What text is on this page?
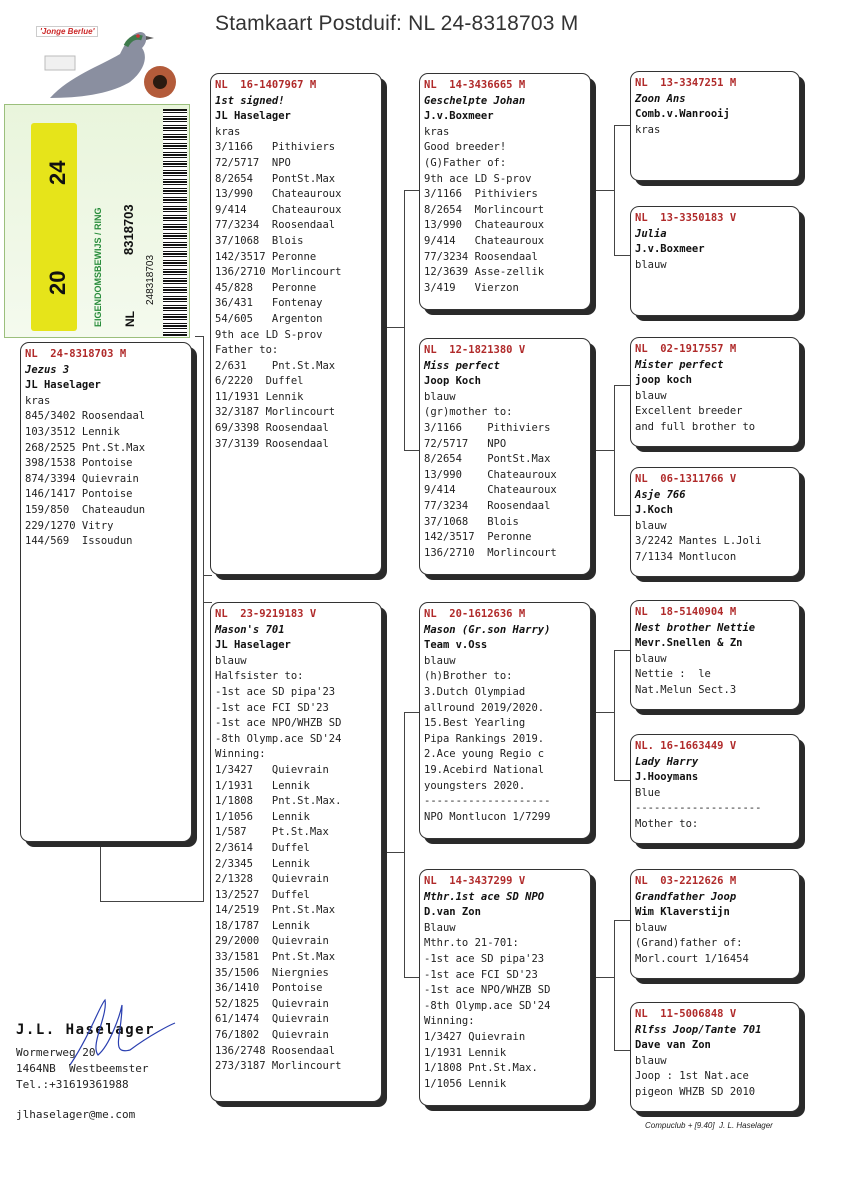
Stamkaart Postduif: NL 24-8318703 M
'Jonge Berlue'
20
24
8318703
NL
EIGENDOMSBEWIJS / RING	248318703
NL  24-8318703 M
Jezus 3
JL Haselager
kras
845/3402 Roosendaal
103/3512 Lennik
268/2525 Pnt.St.Max
398/1538 Pontoise
874/3394 Quievrain
146/1417 Pontoise
159/850  Chateaudun
229/1270 Vitry
144/569  Issoudun
NL  16-1407967 M
1st signed!
JL Haselager
kras
3/1166   Pithiviers
72/5717  NPO
8/2654   PontSt.Max
13/990   Chateauroux
9/414    Chateauroux
77/3234  Roosendaal
37/1068  Blois
142/3517 Peronne
136/2710 Morlincourt
45/828   Peronne
36/431   Fontenay
54/605   Argenton
9th ace LD S-prov
Father to:
2/631    Pnt.St.Max
6/2220  Duffel
11/1931 Lennik
32/3187 Morlincourt
69/3398 Roosendaal
37/3139 Roosendaal
NL  23-9219183 V
Mason's 701
JL Haselager
blauw
Halfsister to:
-1st ace SD pipa'23
-1st ace FCI SD'23
-1st ace NPO/WHZB SD
-8th Olymp.ace SD'24
Winning:
1/3427   Quievrain
1/1931   Lennik
1/1808   Pnt.St.Max.
1/1056   Lennik
1/587    Pt.St.Max
2/3614   Duffel
2/3345   Lennik
2/1328   Quievrain
13/2527  Duffel
14/2519  Pnt.St.Max
18/1787  Lennik
29/2000  Quievrain
33/1581  Pnt.St.Max
35/1506  Niergnies
36/1410  Pontoise
52/1825  Quievrain
61/1474  Quievrain
76/1802  Quievrain
136/2748 Roosendaal
273/3187 Morlincourt
NL  14-3436665 M
Geschelpte Johan
J.v.Boxmeer
kras
Good breeder!
(G)Father of:
9th ace LD S-prov
3/1166  Pithiviers
8/2654  Morlincourt
13/990  Chateauroux
9/414   Chateauroux
77/3234 Roosendaal
12/3639 Asse-zellik
3/419   Vierzon
NL  12-1821380 V
Miss perfect
Joop Koch
blauw
(gr)mother to:
3/1166    Pithiviers
72/5717   NPO
8/2654    PontSt.Max
13/990    Chateauroux
9/414     Chateauroux
77/3234   Roosendaal
37/1068   Blois
142/3517  Peronne
136/2710  Morlincourt
NL  20-1612636 M
Mason (Gr.son Harry)
Team v.Oss
blauw
(h)Brother to:
3.Dutch Olympiad
allround 2019/2020.
15.Best Yearling
Pipa Rankings 2019.
2.Ace young Regio c
19.Acebird National
youngsters 2020.
--------------------
NPO Montlucon 1/7299
NL  14-3437299 V
Mthr.1st ace SD NPO
D.van Zon
Blauw
Mthr.to 21-701:
-1st ace SD pipa'23
-1st ace FCI SD'23
-1st ace NPO/WHZB SD
-8th Olymp.ace SD'24
Winning:
1/3427 Quievrain
1/1931 Lennik
1/1808 Pnt.St.Max.
1/1056 Lennik
NL  13-3347251 M
Zoon Ans
Comb.v.Wanrooij
kras
NL  13-3350183 V
Julia
J.v.Boxmeer
blauw
NL  02-1917557 M
Mister perfect
joop koch
blauw
Excellent breeder
and full brother to
NL  06-1311766 V
Asje 766
J.Koch
blauw
3/2242 Mantes L.Joli
7/1134 Montlucon
NL  18-5140904 M
Nest brother Nettie
Mevr.Snellen & Zn
blauw
Nettie :  le
Nat.Melun Sect.3
NL. 16-1663449 V
Lady Harry
J.Hooymans
Blue
--------------------
Mother to:
NL  03-2212626 M
Grandfather Joop
Wim Klaverstijn
blauw
(Grand)father of:
Morl.court 1/16454
NL  11-5006848 V
Rlfss Joop/Tante 701
Dave van Zon
blauw
Joop : 1st Nat.ace
pigeon WHZB SD 2010
J.L. Haselager
Wormerweg 20
1464NB  Westbeemster
Tel.:+31619361988
jlhaselager@me.com
Compuclub + [9.40]  J. L. Haselager
